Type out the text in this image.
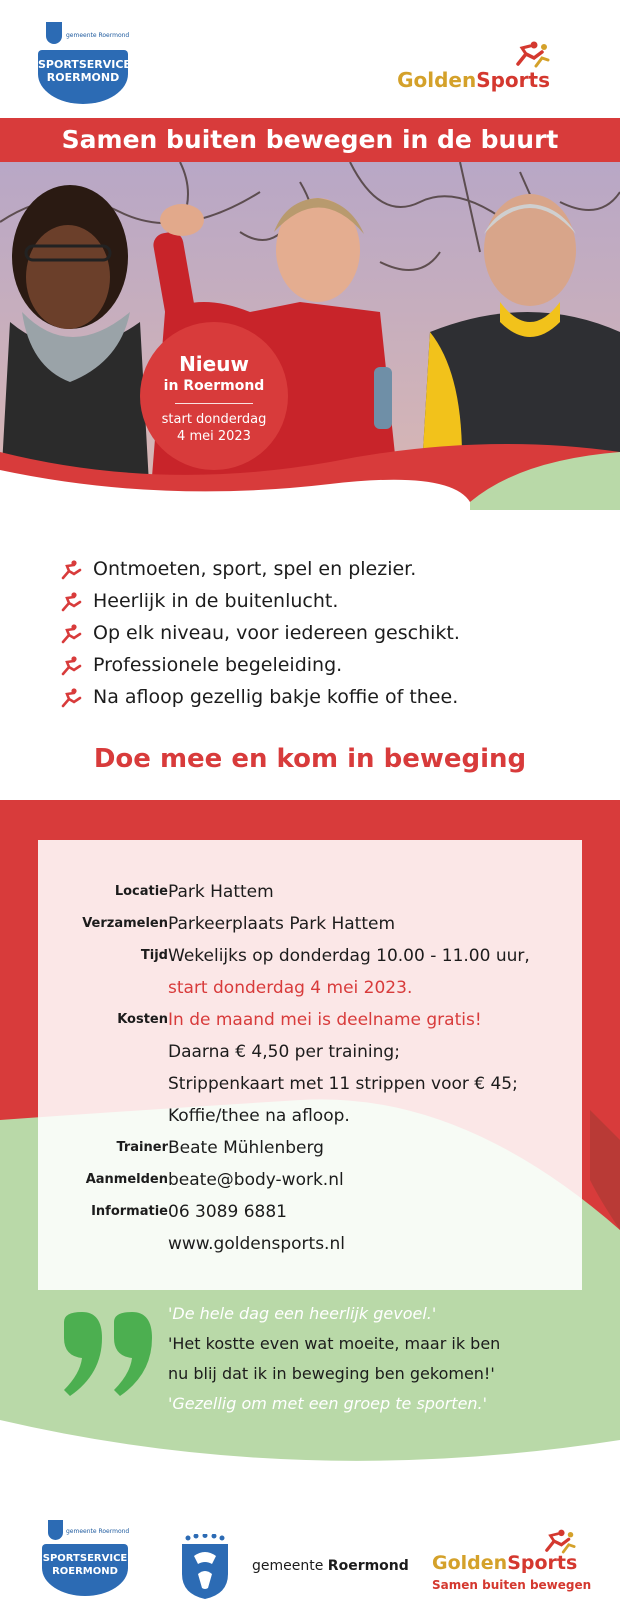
gemeente Roermond
SPORTSERVICE
ROERMOND	GoldenSports
Samen buiten bewegen in de buurt
Nieuw
in Roermond
start donderdag
4 mei 2023
Ontmoeten, sport, spel en plezier.
Heerlijk in de buitenlucht.
Op elk niveau, voor iedereen geschikt.
Professionele begeleiding.
Na afloop gezellig bakje koffie of thee.
Doe mee en kom in beweging
Locatie Park Hattem
Verzamelen Parkeerplaats Park Hattem
Tijd Wekelijks op donderdag 10.00 - 11.00 uur,
start donderdag 4 mei 2023.
Kosten In de maand mei is deelname gratis!
Daarna € 4,50 per training;
Strippenkaart met 11 strippen voor € 45;
Koffie/thee na afloop.
Trainer Beate Mühlenberg
Aanmelden beate@body-work.nl
Informatie 06 3089 6881
www.goldensports.nl
'De hele dag een heerlijk gevoel.'
'Het kostte even wat moeite, maar ik ben
nu blij dat ik in beweging ben gekomen!'
'Gezellig om met een groep te sporten.'
gemeente Roermond
SPORTSERVICE
ROERMOND	gemeente Roermond GoldenSports
Samen buiten bewegen
